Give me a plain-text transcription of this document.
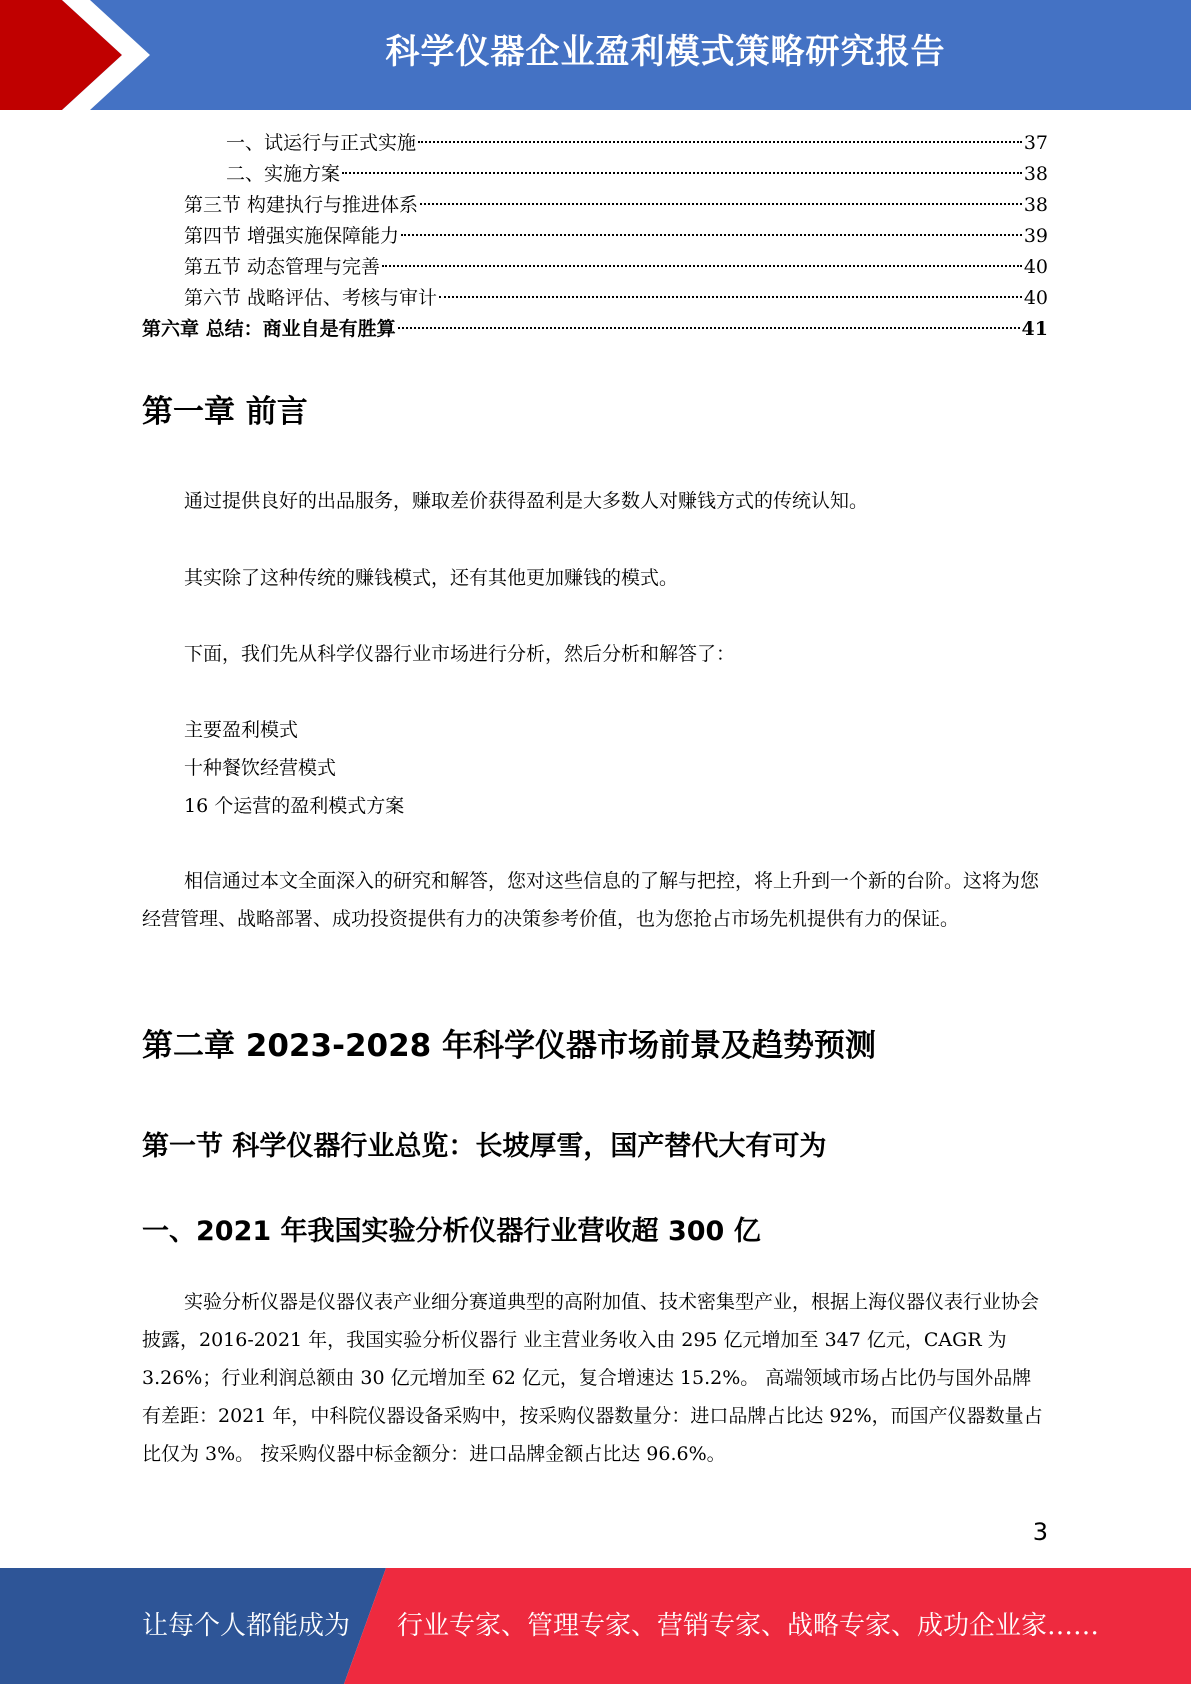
科学仪器企业盈利模式策略研究报告
一、试运行与正式实施	37
二、实施方案	38
第三节 构建执行与推进体系	38
第四节 增强实施保障能力	39
第五节 动态管理与完善	40
第六节 战略评估、考核与审计	40
第六章 总结：商业自是有胜算	41
第一章 前言

通过提供良好的出品服务，赚取差价获得盈利是大多数人对赚钱方式的传统认知。

其实除了这种传统的赚钱模式，还有其他更加赚钱的模式。

下面，我们先从科学仪器行业市场进行分析，然后分析和解答了：

主要盈利模式

十种餐饮经营模式

16 个运营的盈利模式方案

相信通过本文全面深入的研究和解答，您对这些信息的了解与把控，将上升到一个新的台阶。这将为您经营管理、战略部署、成功投资提供有力的决策参考价值，也为您抢占市场先机提供有力的保证。

第二章 2023-2028 年科学仪器市场前景及趋势预测
第一节 科学仪器行业总览：长坡厚雪，国产替代大有可为
一、2021 年我国实验分析仪器行业营收超 300 亿

实验分析仪器是仪器仪表产业细分赛道典型的高附加值、技术密集型产业，根据上海仪器仪表行业协会披露，2016-2021 年，我国实验分析仪器行 业主营业务收入由 295 亿元增加至 347 亿元，CAGR 为 3.26%；行业利润总额由 30 亿元增加至 62 亿元，复合增速达 15.2%。 高端领域市场占比仍与国外品牌有差距：2021 年，中科院仪器设备采购中，按采购仪器数量分：进口品牌占比达 92%，而国产仪器数量占比仅为 3%。 按采购仪器中标金额分：进口品牌金额占比达 96.6%。

3
让每个人都能成为 行业专家、管理专家、营销专家、战略专家、成功企业家……
